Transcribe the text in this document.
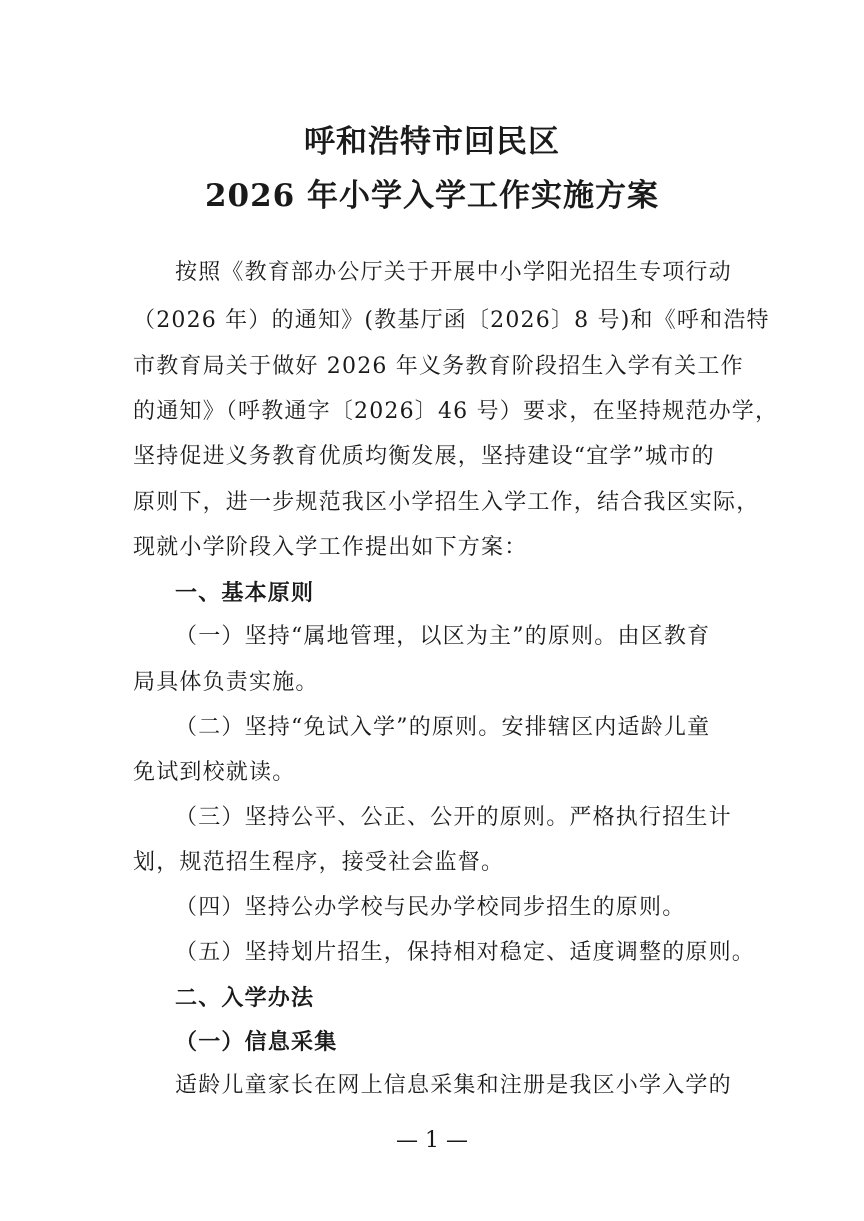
呼和浩特市回民区
2026 年小学入学工作实施方案
按照《教育部办公厅关于开展中小学阳光招生专项行动
（2026 年）的通知》(教基厅函〔2026〕8 号)和《呼和浩特
市教育局关于做好 2026 年义务教育阶段招生入学有关工作
的通知》（呼教通字〔2026〕46 号）要求，在坚持规范办学，
坚持促进义务教育优质均衡发展，坚持建设“宜学”城市的
原则下，进一步规范我区小学招生入学工作，结合我区实际，
现就小学阶段入学工作提出如下方案：
一、基本原则
（一）坚持“属地管理，以区为主”的原则。由区教育
局具体负责实施。
（二）坚持“免试入学”的原则。安排辖区内适龄儿童
免试到校就读。
（三）坚持公平、公正、公开的原则。严格执行招生计
划，规范招生程序，接受社会监督。
（四）坚持公办学校与民办学校同步招生的原则。
（五）坚持划片招生，保持相对稳定、适度调整的原则。
二、入学办法
（一）信息采集
适龄儿童家长在网上信息采集和注册是我区小学入学的
— 1 —
